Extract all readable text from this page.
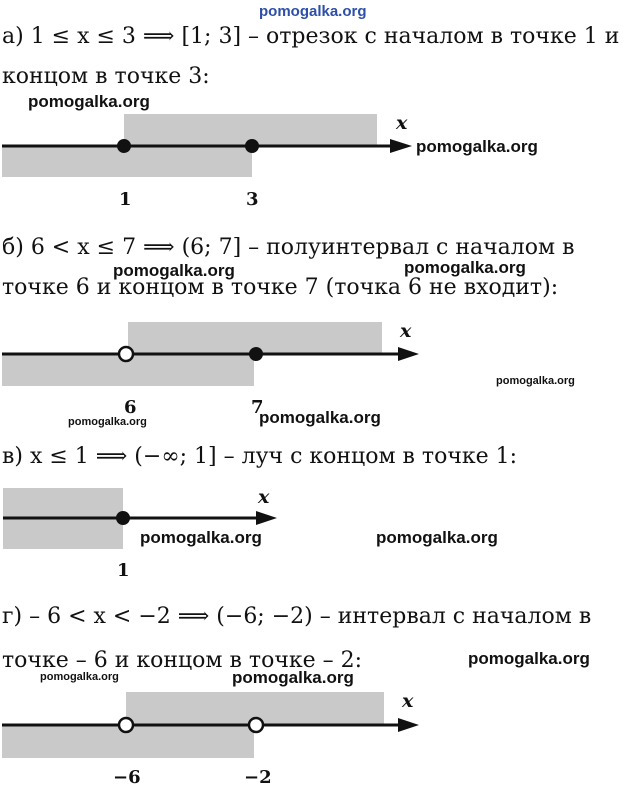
pomogalka.org
а) 1 ≤ x ≤ 3 ⟹ [1; 3] – отрезок с началом в точке 1 и
концом в точке 3:
pomogalka.org
x
pomogalka.org
1	3
б) 6 < x ≤ 7 ⟹ (6; 7] – полуинтервал с началом в
pomogalka.org	pomogalka.org
точке 6 и концом в точке 7 (точка 6 не входит):
x
pomogalka.org
6	7
pomogalka.org	pomogalka.org
в) x ≤ 1 ⟹ (−∞; 1] – луч с концом в точке 1:
x
pomogalka.org	pomogalka.org
1
г) – 6 < x < −2 ⟹ (−6; −2) – интервал с началом в
точке – 6 и концом в точке – 2:	pomogalka.org
pomogalka.org	pomogalka.org
x
−6	−2
